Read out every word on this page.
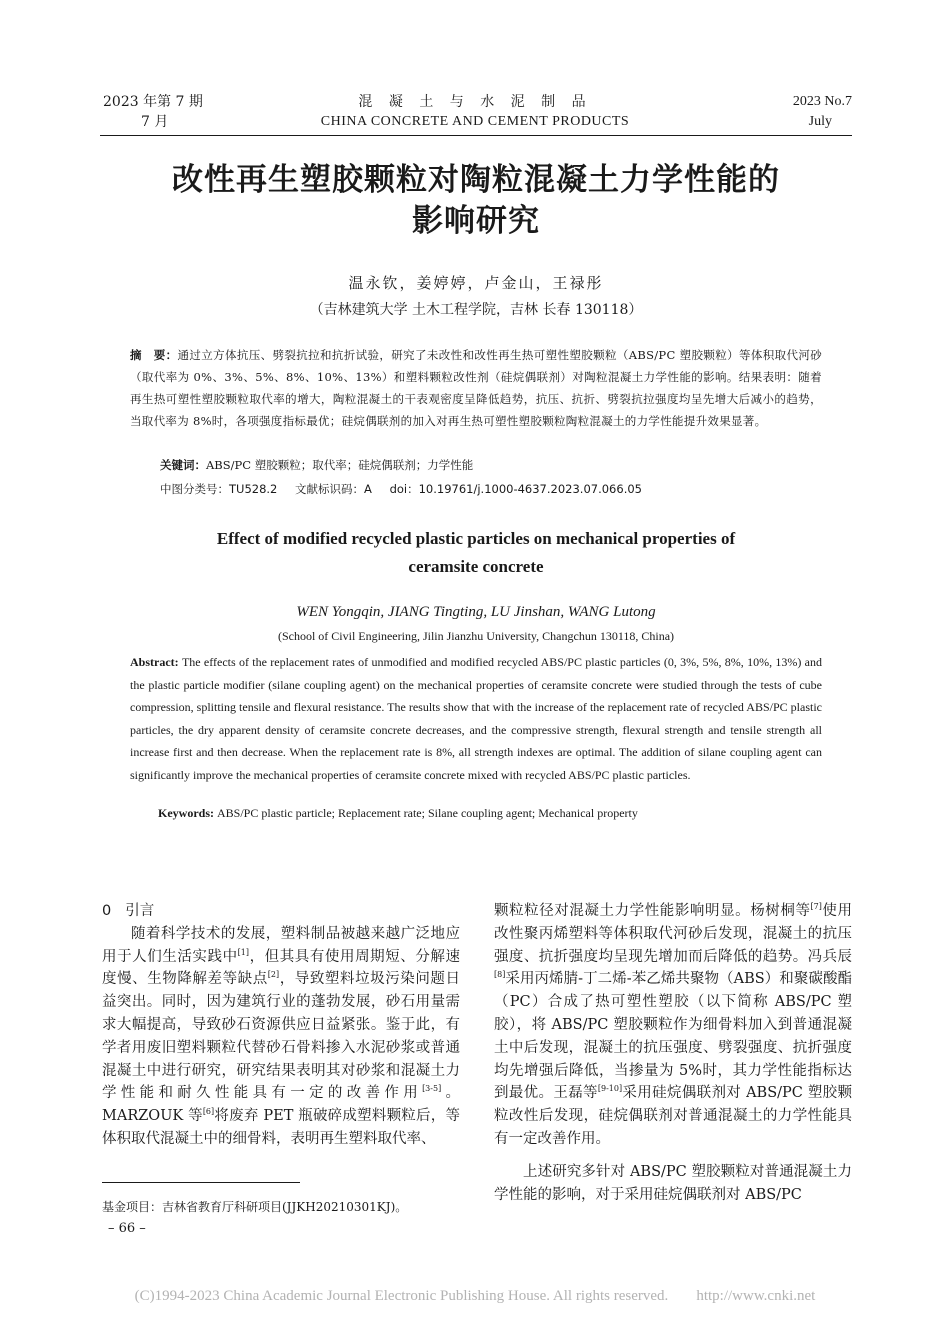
2023 年第 7 期
7 月
混 凝 土 与 水 泥 制 品
CHINA CONCRETE AND CEMENT PRODUCTS
2023 No.7
July
改性再生塑胶颗粒对陶粒混凝土力学性能的
影响研究
温永钦，姜婷婷，卢金山，王禄彤
（吉林建筑大学 土木工程学院，吉林 长春 130118）
摘　要：通过立方体抗压、劈裂抗拉和抗折试验，研究了未改性和改性再生热可塑性塑胶颗粒（ABS/PC 塑胶颗粒）等体积取代河砂（取代率为 0%、3%、5%、8%、10%、13%）和塑料颗粒改性剂（硅烷偶联剂）对陶粒混凝土力学性能的影响。结果表明：随着再生热可塑性塑胶颗粒取代率的增大，陶粒混凝土的干表观密度呈降低趋势，抗压、抗折、劈裂抗拉强度均呈先增大后减小的趋势，当取代率为 8%时，各项强度指标最优；硅烷偶联剂的加入对再生热可塑性塑胶颗粒陶粒混凝土的力学性能提升效果显著。
关键词：ABS/PC 塑胶颗粒；取代率；硅烷偶联剂；力学性能
中图分类号：TU528.2 文献标识码：A doi：10.19761/j.1000-4637.2023.07.066.05
Effect of modified recycled plastic particles on mechanical properties of
ceramsite concrete
WEN Yongqin, JIANG Tingting, LU Jinshan, WANG Lutong
(School of Civil Engineering, Jilin Jianzhu University, Changchun 130118, China)
Abstract: The effects of the replacement rates of unmodified and modified recycled ABS/PC plastic particles (0, 3%, 5%, 8%, 10%, 13%) and the plastic particle modifier (silane coupling agent) on the mechanical properties of ceramsite concrete were studied through the tests of cube compression, splitting tensile and flexural resistance. The results show that with the increase of the replacement rate of recycled ABS/PC plastic particles, the dry apparent density of ceramsite concrete decreases, and the compressive strength, flexural strength and tensile strength all increase first and then decrease. When the replacement rate is 8%, all strength indexes are optimal. The addition of silane coupling agent can significantly improve the mechanical properties of ceramsite concrete mixed with recycled ABS/PC plastic particles.
Keywords: ABS/PC plastic particle; Replacement rate; Silane coupling agent; Mechanical property
0 引言

随着科学技术的发展，塑料制品被越来越广泛地应用于人们生活实践中[1]，但其具有使用周期短、分解速度慢、生物降解差等缺点[2]，导致塑料垃圾污染问题日益突出。同时，因为建筑行业的蓬勃发展，砂石用量需求大幅提高，导致砂石资源供应日益紧张。鉴于此，有学者用废旧塑料颗粒代替砂石骨料掺入水泥砂浆或普通混凝土中进行研究，研究结果表明其对砂浆和混凝土力学性能和耐久性能具有一定的改善作用[3-5]。MARZOUK 等[6]将废弃 PET 瓶破碎成塑料颗粒后，等体积取代混凝土中的细骨料，表明再生塑料取代率、

颗粒粒径对混凝土力学性能影响明显。杨树桐等[7]使用改性聚丙烯塑料等体积取代河砂后发现，混凝土的抗压强度、抗折强度均呈现先增加而后降低的趋势。冯兵辰[8]采用丙烯腈-丁二烯-苯乙烯共聚物（ABS）和聚碳酸酯（PC）合成了热可塑性塑胶（以下简称 ABS/PC 塑胶），将 ABS/PC 塑胶颗粒作为细骨料加入到普通混凝土中后发现，混凝土的抗压强度、劈裂强度、抗折强度均先增强后降低，当掺量为 5%时，其力学性能指标达到最优。王磊等[9-10]采用硅烷偶联剂对 ABS/PC 塑胶颗粒改性后发现，硅烷偶联剂对普通混凝土的力学性能具有一定改善作用。

上述研究多针对 ABS/PC 塑胶颗粒对普通混凝土力学性能的影响，对于采用硅烷偶联剂对 ABS/PC

基金项目：吉林省教育厅科研项目(JJKH20210301KJ)。
– 66 –
(C)1994-2023 China Academic Journal Electronic Publishing House. All rights reserved. http://www.cnki.net
